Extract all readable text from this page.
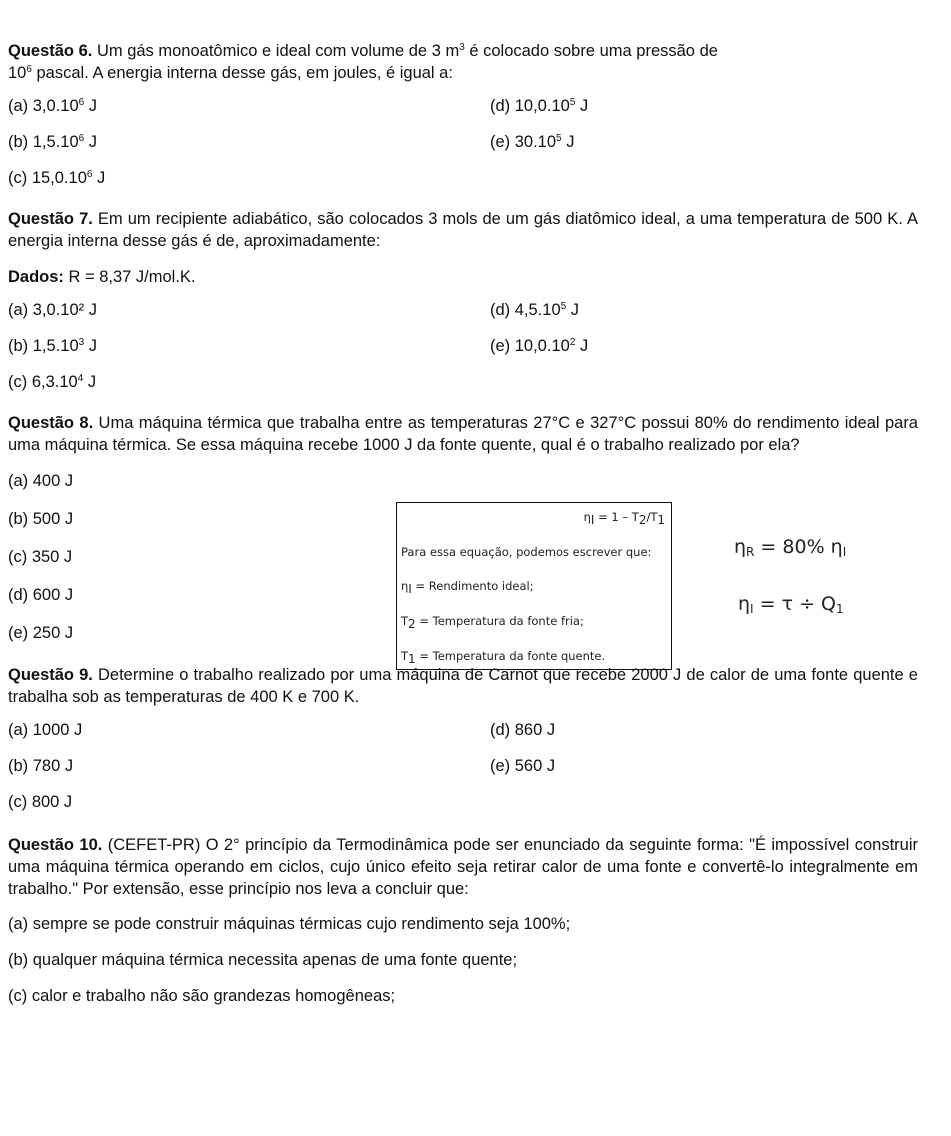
Questão 6. Um gás monoatômico e ideal com volume de 3 $m^3$ é colocado sobre uma pressão de
$10^6$ pascal. A energia interna desse gás, em joules, é igual a:

(a) 3,0.10$^6$ J	(d) 10,0.10$^5$ J
(b) 1,5.10$^6$ J	(e) 30.10$^5$ J
(c) 15,0.10$^6$ J

Questão 7. Em um recipiente adiabático, são colocados 3 mols de um gás diatômico ideal, a uma temperatura de 500 K. A energia interna desse gás é de, aproximadamente:

Dados: R = 8,37 J/mol.K.
(a) 3,0.10² J	(d) 4,5.10$^5$ J
(b) 1,5.10$^3$ J	(e) 10,0.10$^2$ J
(c) 6,3.10$^4$ J

Questão 8. Uma máquina térmica que trabalha entre as temperaturas 27°C e 327°C possui 80% do rendimento ideal para uma máquina térmica. Se essa máquina recebe 1000 J da fonte quente, qual é o trabalho realizado por ela?

(a) 400 J
(b) 500 J
(c) 350 J
(d) 600 J
(e) 250 J

Questão 9. Determine o trabalho realizado por uma máquina de Carnot que recebe 2000 J de calor de uma fonte quente e trabalha sob as temperaturas de 400 K e 700 K.

(a) 1000 J	(d) 860 J
(b) 780 J	(e) 560 J
(c) 800 J

Questão 10. (CEFET-PR) O 2° princípio da Termodinâmica pode ser enunciado da seguinte forma: "É impossível construir uma máquina térmica operando em ciclos, cujo único efeito seja retirar calor de uma fonte e convertê-lo integralmente em trabalho." Por extensão, esse princípio nos leva a concluir que:

(a) sempre se pode construir máquinas térmicas cujo rendimento seja 100%;
(b) qualquer máquina térmica necessita apenas de uma fonte quente;
(c) calor e trabalho não são grandezas homogêneas;
ηI = 1 – T2/T1
Para essa equação, podemos escrever que:
ηI = Rendimento ideal;
T2 = Temperatura da fonte fria;
T1 = Temperatura da fonte quente.
$\eta_R = 80\%$ $\eta_I$
$\eta_I = \tau \div Q_1$
